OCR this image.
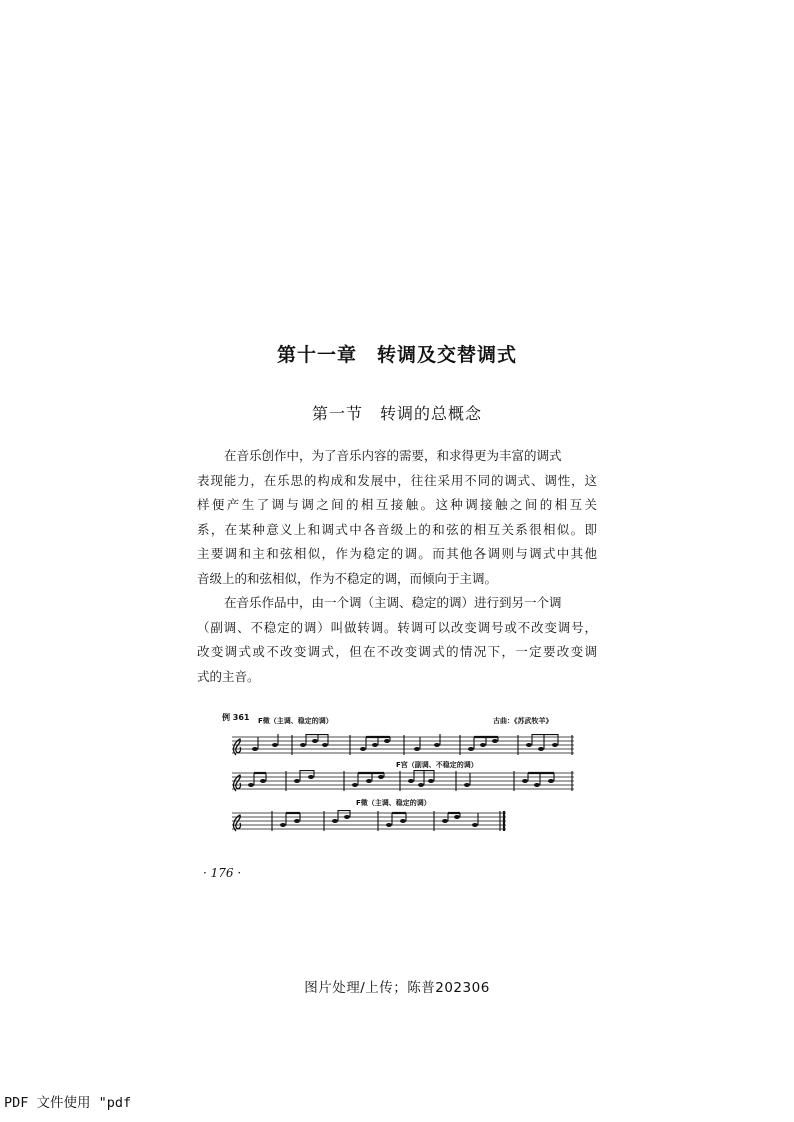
第十一章　转调及交替调式
第一节　转调的总概念
在音乐创作中，为了音乐内容的需要，和求得更为丰富的调式
表现能力，在乐思的构成和发展中，往往采用不同的调式、调性，这
样便产生了调与调之间的相互接触。这种调接触之间的相互关
系，在某种意义上和调式中各音级上的和弦的相互关系很相似。即
主要调和主和弦相似，作为稳定的调。而其他各调则与调式中其他
音级上的和弦相似，作为不稳定的调，而倾向于主调。
在音乐作品中，由一个调（主调、稳定的调）进行到另一个调
（副调、不稳定的调）叫做转调。转调可以改变调号或不改变调号，
改变调式或不改变调式，但在不改变调式的情况下，一定要改变调
式的主音。
例 361 F徵（主调、稳定的调）	古曲：《苏武牧羊》
F宫（副调、不稳定的调）
F徵（主调、稳定的调）
· 176 ·
图片处理/上传；陈普202306
PDF 文件使用 "pdf
